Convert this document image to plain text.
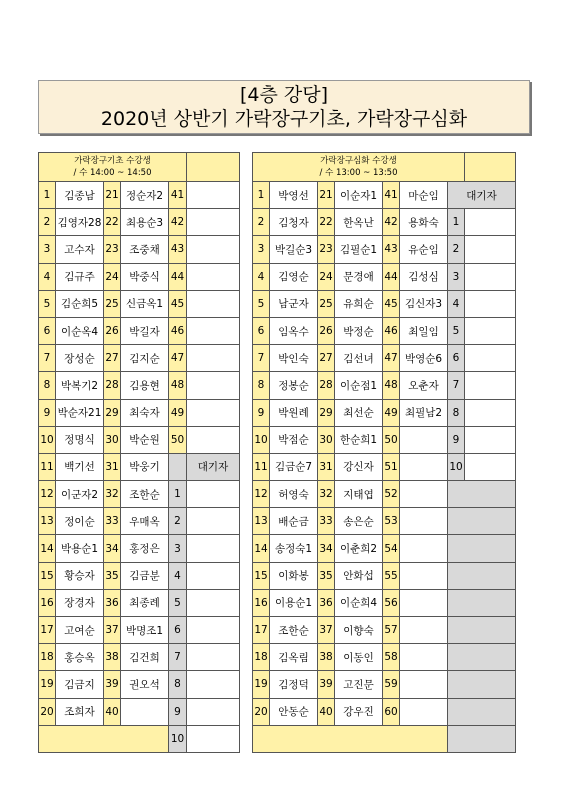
[4층 강당]
2020년 상반기 가락장구기초, 가락장구심화
가락장구기초 수강생
/ 수 14:00 ~ 14:50					

1	김종남	21	정순자2	41	
2	김영자28	22	최용순3	42	
3	고수자	23	조중채	43	
4	김규주	24	박중식	44	
5	김순희5	25	신금옥1	45	
6	이순옥4	26	박길자	46	
7	장성순	27	김지순	47	
8	박복기2	28	김용현	48	
9	박순자21	29	최숙자	49	
10	정명식	30	박순원	50	
11	백기선	31	박웅기		대기자
12	이군자2	32	조한순	1	
13	정이순	33	우매옥	2	
14	박용순1	34	홍정은	3	
15	황승자	35	김금분	4	
16	장경자	36	최종례	5	
17	고여순	37	박명조1	6	
18	홍승옥	38	김건희	7	
19	김금지	39	권오석	8	
20	조희자	40		9	
				10	
가락장구심화 수강생
/ 수 13:00 ~ 13:50							

1	박영선	21	이순자1	41	마순임	대기자	
2	김청자	22	한옥난	42	용화숙	1	
3	박길순3	23	김필순1	43	유순임	2	
4	김영순	24	문경애	44	김성심	3	
5	남군자	25	유희순	45	김신자3	4	
6	임옥수	26	박정순	46	최일임	5	
7	박인숙	27	김선녀	47	박영순6	6	
8	정봉순	28	이순점1	48	오춘자	7	
9	박원례	29	최선순	49	최필남2	8	
10	박점순	30	한순희1	50		9	
11	김금순7	31	강신자	51		10	
12	허영숙	32	지태엽	52			
13	배순금	33	송은순	53			
14	송정숙1	34	이춘희2	54			
15	이화봉	35	안화섭	55			
16	이용순1	36	이순희4	56			
17	조한순	37	이향숙	57			
18	김옥림	38	이동인	58			
19	김정덕	39	고진문	59			
20	안동순	40	강우진	60			
